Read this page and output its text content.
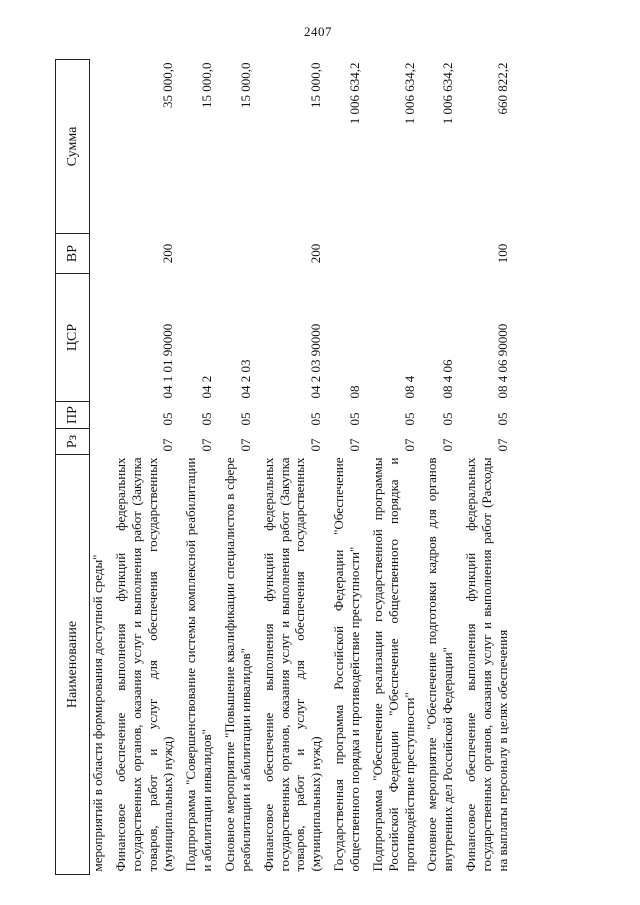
2407
Наименование	Рз	ПР	ЦСР	ВР	Сумма
мероприятий в области формирования доступной среды"					
Финансовое обеспечение выполнения функций федеральных государственных органов, оказания услуг и выполнения работ (Закупка товаров, работ и услуг для обеспечения государственных (муниципальных) нужд)	07	05	04 1 01 90000	200	35 000,0
Подпрограмма "Совершенствование системы комплексной реабилитации и абилитации инвалидов"	07	05	04 2		15 000,0
Основное мероприятие "Повышение квалификации специалистов в сфере реабилитации и абилитации инвалидов"	07	05	04 2 03		15 000,0
Финансовое обеспечение выполнения функций федеральных государственных органов, оказания услуг и выполнения работ (Закупка товаров, работ и услуг для обеспечения государственных (муниципальных) нужд)	07	05	04 2 03 90000	200	15 000,0
Государственная программа Российской Федерации "Обеспечение общественного порядка и противодействие преступности"	07	05	08		1 006 634,2
Подпрограмма "Обеспечение реализации государственной программы Российской Федерации "Обеспечение общественного порядка и противодействие преступности"	07	05	08 4		1 006 634,2
Основное мероприятие "Обеспечение подготовки кадров для органов внутренних дел Российской Федерации"	07	05	08 4 06		1 006 634,2
Финансовое обеспечение выполнения функций федеральных государственных органов, оказания услуг и выполнения работ (Расходы на выплаты персоналу в целях обеспечения	07	05	08 4 06 90000	100	660 822,2
